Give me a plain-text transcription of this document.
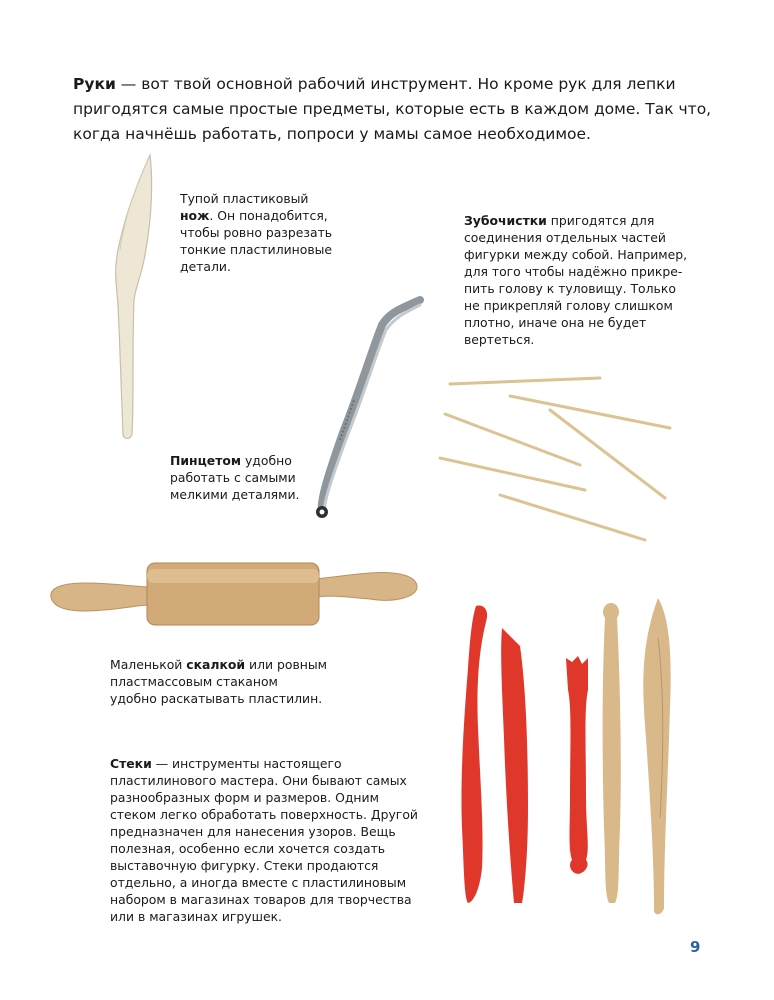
Руки — вот твой основной рабочий инструмент. Но кроме рук для лепки пригодятся самые простые предметы, которые есть в каждом доме. Так что, когда начнёшь работать, попроси у мамы самое необходимое.

Тупой пластиковый
нож. Он понадобится,
чтобы ровно разрезать
тонкие пластилиновые
детали.

Зубочистки пригодятся для
соединения отдельных частей
фигурки между собой. Например,
для того чтобы надёжно прикре-
пить голову к туловищу. Только
не прикрепляй голову слишком
плотно, иначе она не будет
вертеться.

Пинцетом удобно
работать с самыми
мелкими деталями.

Маленькой скалкой или ровным
пластмассовым стаканом
удобно раскатывать пластилин.

Стеки — инструменты настоящего
пластилинового мастера. Они бывают самых
разнообразных форм и размеров. Одним
стеком легко обработать поверхность. Другой
предназначен для нанесения узоров. Вещь
полезная, особенно если хочется создать
выставочную фигурку. Стеки продаются
отдельно, а иногда вместе с пластилиновым
набором в магазинах товаров для творчества
или в магазинах игрушек.

9
